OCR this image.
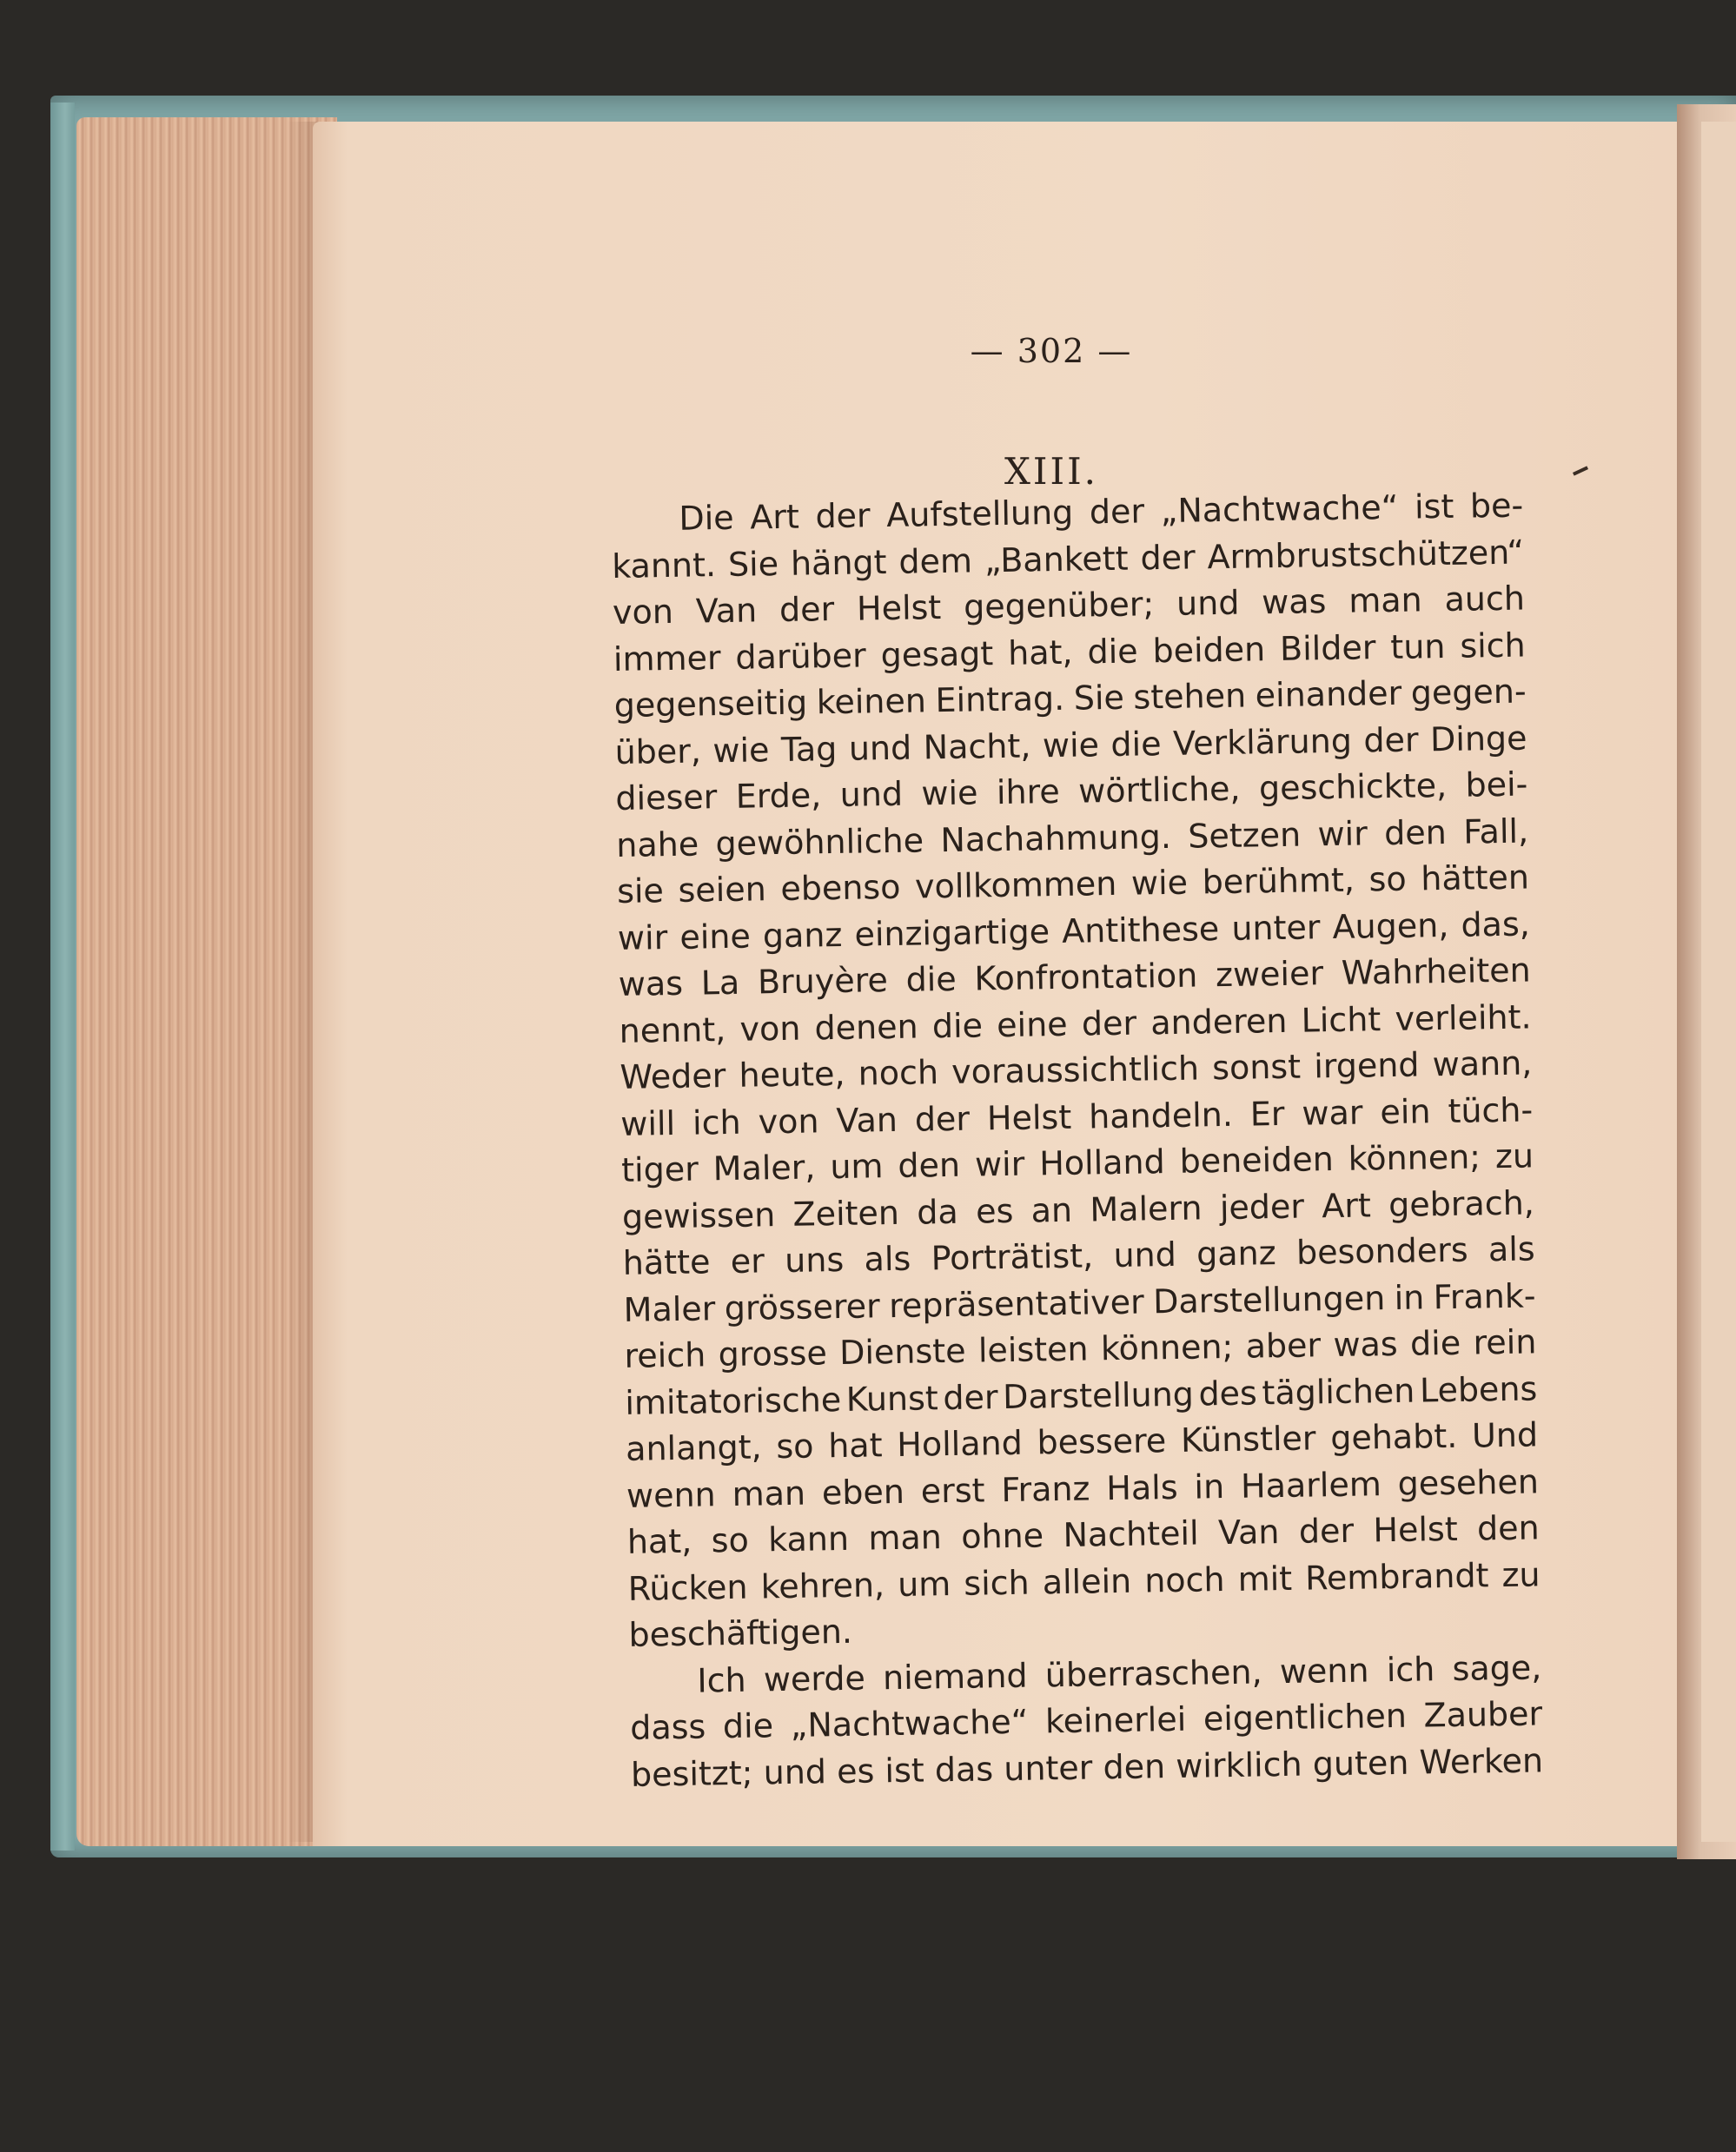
— 302 —
XIII.
Die Art der Aufstellung der „Nachtwache“ ist be-
kannt. Sie hängt dem „Bankett der Armbrustschützen“
von Van der Helst gegenüber; und was man auch
immer darüber gesagt hat, die beiden Bilder tun sich
gegenseitig keinen Eintrag. Sie stehen einander gegen-
über, wie Tag und Nacht, wie die Verklärung der Dinge
dieser Erde, und wie ihre wörtliche, geschickte, bei-
nahe gewöhnliche Nachahmung. Setzen wir den Fall,
sie seien ebenso vollkommen wie berühmt, so hätten
wir eine ganz einzigartige Antithese unter Augen, das,
was La Bruyère die Konfrontation zweier Wahrheiten
nennt, von denen die eine der anderen Licht verleiht.
Weder heute, noch voraussichtlich sonst irgend wann,
will ich von Van der Helst handeln. Er war ein tüch-
tiger Maler, um den wir Holland beneiden können; zu
gewissen Zeiten da es an Malern jeder Art gebrach,
hätte er uns als Porträtist, und ganz besonders als
Maler grösserer repräsentativer Darstellungen in Frank-
reich grosse Dienste leisten können; aber was die rein
imitatorische Kunst der Darstellung des täglichen Lebens
anlangt, so hat Holland bessere Künstler gehabt. Und
wenn man eben erst Franz Hals in Haarlem gesehen
hat, so kann man ohne Nachteil Van der Helst den
Rücken kehren, um sich allein noch mit Rembrandt zu
beschäftigen.
Ich werde niemand überraschen, wenn ich sage,
dass die „Nachtwache“ keinerlei eigentlichen Zauber
besitzt; und es ist das unter den wirklich guten Werken
